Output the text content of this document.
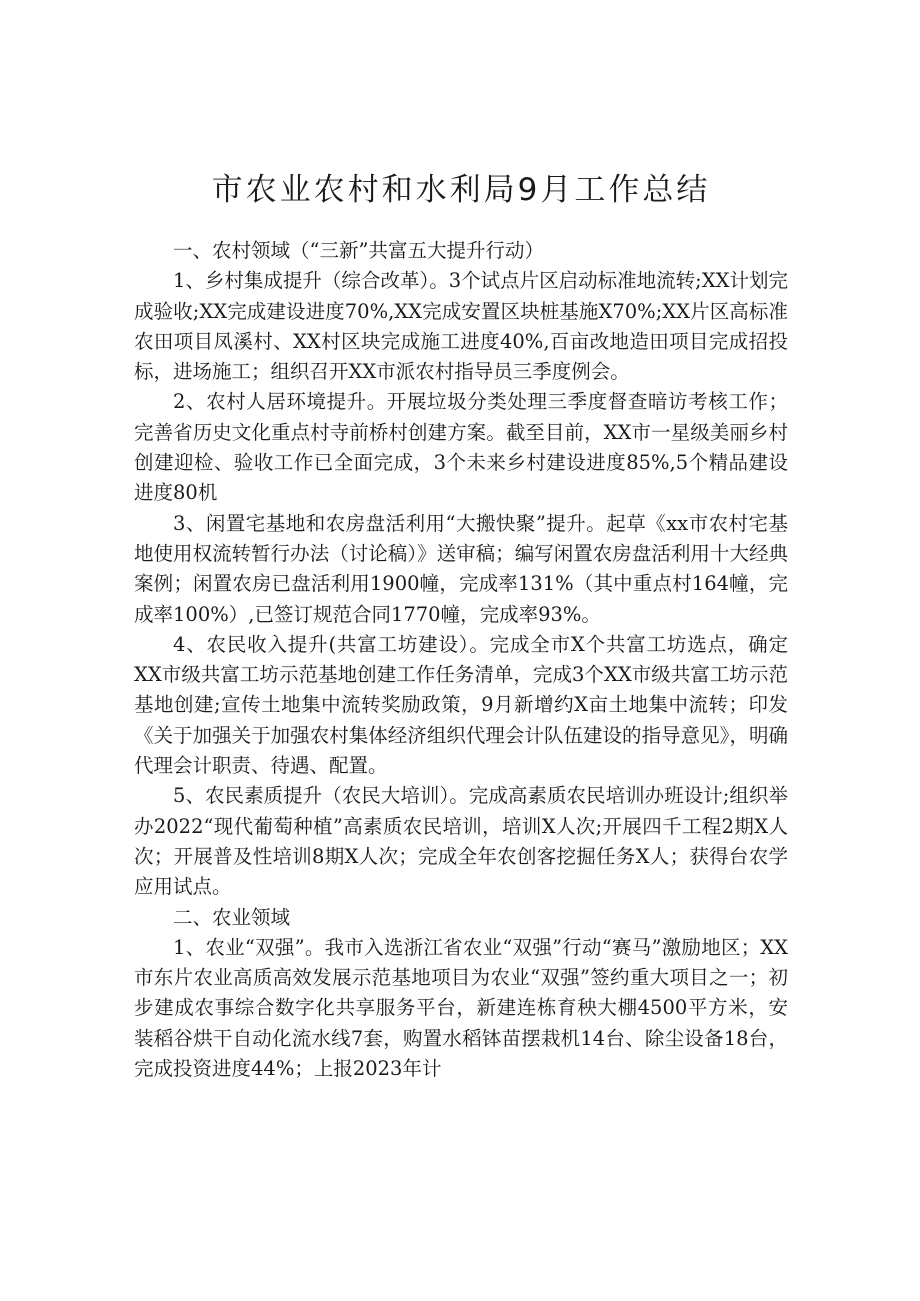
市农业农村和水利局9月工作总结

一、农村领域（“三新”共富五大提升行动）

1、乡村集成提升（综合改革）。3个试点片区启动标准地流转;XX计划完成验收;XX完成建设进度70%,XX完成安置区块桩基施X70%;XX片区高标准农田项目凤溪村、XX村区块完成施工进度40%,百亩改地造田项目完成招投标，进场施工；组织召开XX市派农村指导员三季度例会。

2、农村人居环境提升。开展垃圾分类处理三季度督查暗访考核工作；完善省历史文化重点村寺前桥村创建方案。截至目前，XX市一星级美丽乡村创建迎检、验收工作已全面完成，3个未来乡村建设进度85%,5个精品建设进度80机

3、闲置宅基地和农房盘活利用“大搬快聚”提升。起草《xx市农村宅基地使用权流转暂行办法（讨论稿）》送审稿；编写闲置农房盘活利用十大经典案例；闲置农房已盘活利用1900幢，完成率131%（其中重点村164幢，完成率100%）,已签订规范合同1770幢，完成率93%。

4、农民收入提升(共富工坊建设）。完成全市X个共富工坊选点，确定XX市级共富工坊示范基地创建工作任务清单，完成3个XX市级共富工坊示范基地创建;宣传土地集中流转奖励政策，9月新增约X亩土地集中流转；印发《关于加强关于加强农村集体经济组织代理会计队伍建设的指导意见》，明确代理会计职责、待遇、配置。

5、农民素质提升（农民大培训）。完成高素质农民培训办班设计;组织举办2022“现代葡萄种植”高素质农民培训，培训X人次;开展四千工程2期X人次；开展普及性培训8期X人次；完成全年农创客挖掘任务X人；获得台农学应用试点。

二、农业领域

1、农业“双强”。我市入选浙江省农业“双强”行动“赛马”激励地区；XX市东片农业高质高效发展示范基地项目为农业“双强”签约重大项目之一；初步建成农事综合数字化共享服务平台，新建连栋育秧大棚4500平方米，安装稻谷烘干自动化流水线7套，购置水稻钵苗摆栽机14台、除尘设备18台，完成投资进度44%；上报2023年计
